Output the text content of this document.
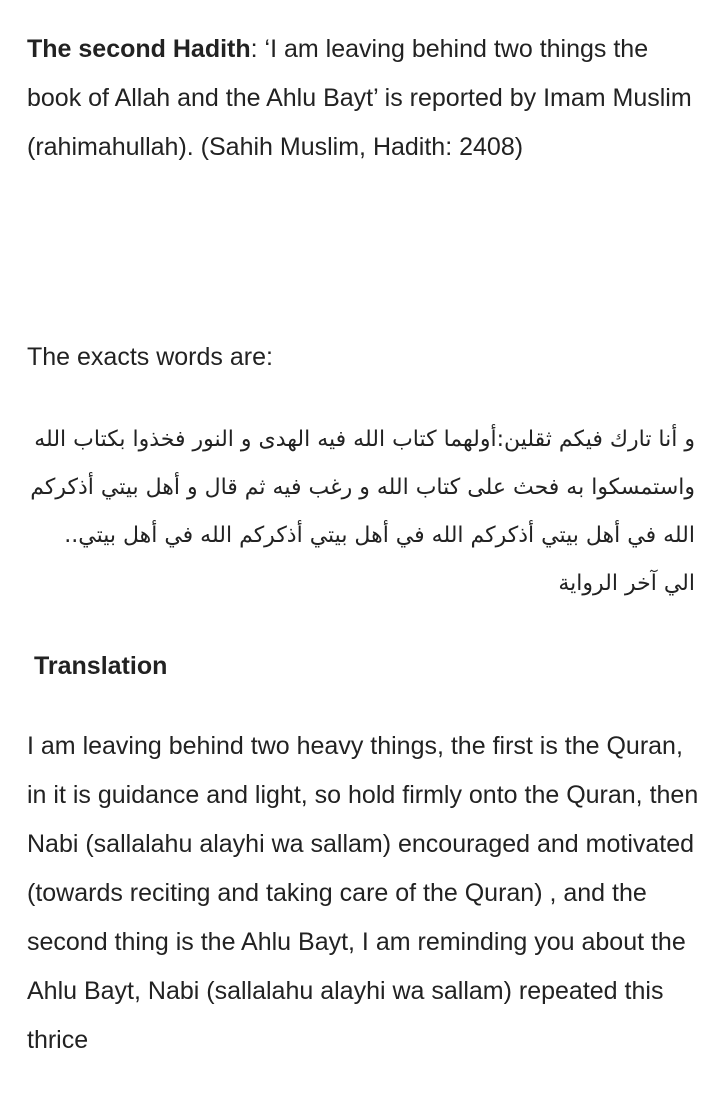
The second Hadith: ‘I am leaving behind two things the book of Allah and the Ahlu Bayt’ is reported by Imam Muslim (rahimahullah). (Sahih Muslim, Hadith: 2408)

The exacts words are:

و أنا تارك فيكم ثقلين:أولهما كتاب الله فيه الهدى و النور فخذوا بكتاب الله واستمسكوا به فحث على كتاب الله و رغب فيه ثم قال و أهل بيتي أذكركم الله في أهل بيتي أذكركم الله في أهل بيتي أذكركم الله في أهل بيتي.. الي آخر الرواية

Translation

I am leaving behind two heavy things, the first is the Quran, in it is guidance and light, so hold firmly onto the Quran, then Nabi (sallalahu alayhi wa sallam) encouraged and motivated (towards reciting and taking care of the Quran) , and the second thing is the Ahlu Bayt, I am reminding you about the Ahlu Bayt, Nabi (sallalahu alayhi wa sallam) repeated this thrice
